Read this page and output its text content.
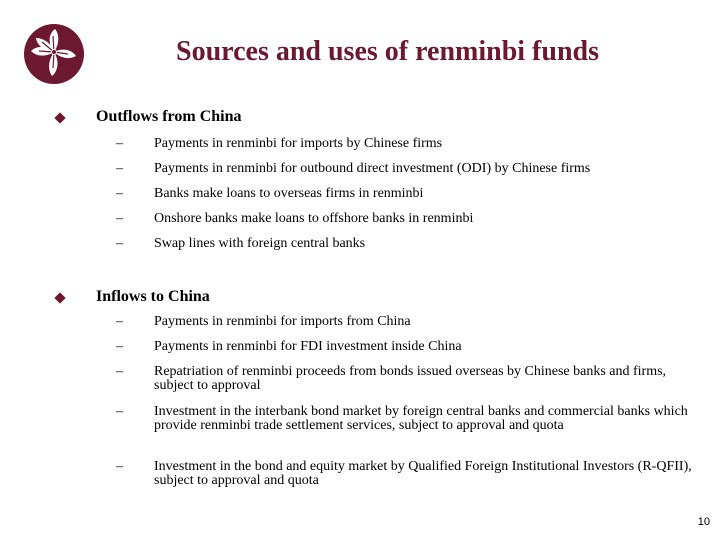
Sources and uses of renminbi funds
Outflows from China
– Payments in renminbi for imports by Chinese firms
– Payments in renminbi for outbound direct investment (ODI) by Chinese firms
– Banks make loans to overseas firms in renminbi
– Onshore banks make loans to offshore banks in renminbi
– Swap lines with foreign central banks
Inflows to China
– Payments in renminbi for imports from China
– Payments in renminbi for FDI investment inside China
– Repatriation of renminbi proceeds from bonds issued overseas by Chinese banks and firms, subject to approval
– Investment in the interbank bond market by foreign central banks and commercial banks which provide renminbi trade settlement services, subject to approval and quota
– Investment in the bond and equity market by Qualified Foreign Institutional Investors (R-QFII), subject to approval and quota
10
